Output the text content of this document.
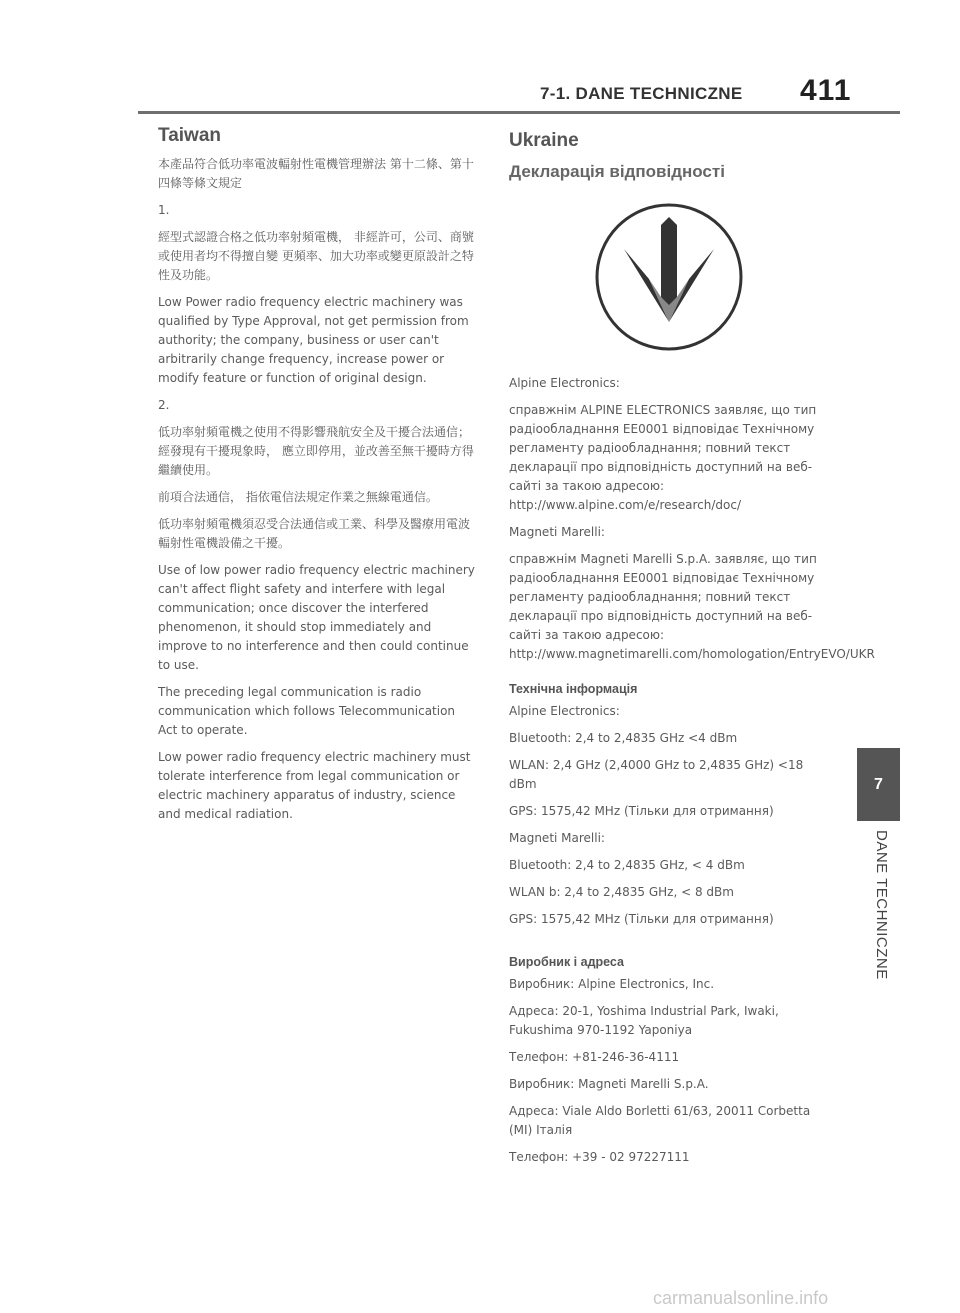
7-1. DANE TECHNICZNE 411
Taiwan

本產品符合低功率電波輻射性電機管理辦法 第十二條、第十四條等條文規定

1.

經型式認證合格之低功率射頻電機， 非經許可，公司、商號或使用者均不得擅自變 更頻率、加大功率或變更原設計之特性及功能。

Low Power radio frequency electric machinery was qualified by Type Approval, not get permission from authority; the company, business or user can't arbitrarily change frequency, increase power or modify feature or function of original design.

2.

低功率射頻電機之使用不得影響飛航安全及干擾合法通信； 經發現有干擾現象時， 應立即停用，並改善至無干擾時方得繼續使用。

前項合法通信， 指依電信法規定作業之無線電通信。

低功率射頻電機須忍受合法通信或工業、科學及醫療用電波輻射性電機設備之干擾。

Use of low power radio frequency electric machinery can't affect flight safety and interfere with legal communication; once discover the interfered phenomenon, it should stop immediately and improve to no interference and then could continue to use.

The preceding legal communication is radio communication which follows Telecommunication Act to operate.

Low power radio frequency electric machinery must tolerate interference from legal communication or electric machinery apparatus of industry, science and medical radiation.

Ukraine
Декларація відповідності

Alpine Electronics:

справжнім ALPINE ELECTRONICS заявляє, що тип радіообладнання EE0001 відповідає Технічному регламенту радіообладнання; повний текст декларації про відповідність доступний на веб-сайті за такою адресою: http://www.alpine.com/e/research/doc/

Magneti Marelli:

справжнім Magneti Marelli S.p.A. заявляє, що тип радіообладнання EE0001 відповідає Технічному регламенту радіообладнання; повний текст декларації про відповідність доступний на веб-сайті за такою адресою: http://www.magnetimarelli.com/homologation/EntryEVO/UKR

Технічна інформація

Alpine Electronics:

Bluetooth: 2,4 to 2,4835 GHz <4 dBm

WLAN: 2,4 GHz (2,4000 GHz to 2,4835 GHz) <18 dBm

GPS: 1575,42 MHz (Тільки для отримання)

Magneti Marelli:

Bluetooth: 2,4 to 2,4835 GHz, < 4 dBm

WLAN b: 2,4 to 2,4835 GHz, < 8 dBm

GPS: 1575,42 MHz (Тільки для отримання)

Виробник і адреса

Виробник: Alpine Electronics, Inc.

Адреса: 20-1, Yoshima Industrial Park, Iwaki, Fukushima 970-1192 Yaponiya

Телефон: +81-246-36-4111

Виробник: Magneti Marelli S.p.A.

Адреса: Viale Aldo Borletti 61/63, 20011 Corbetta (MI) Італія

Телефон: +39 - 02 97227111

7
DANE TECHNICZNE
carmanualsonline.info
